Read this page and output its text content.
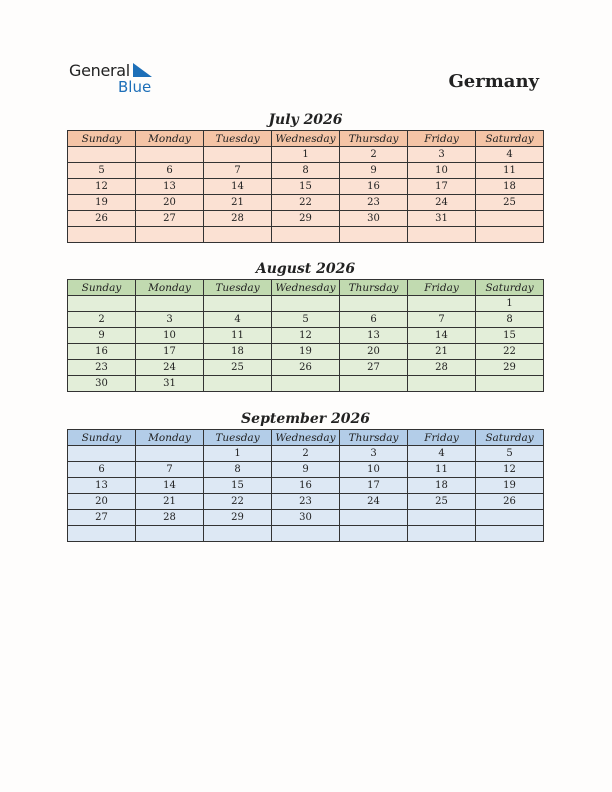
General
Blue	Germany
July 2026
Sunday	Monday	Tuesday	Wednesday	Thursday	Friday	Saturday
			1	2	3	4
5	6	7	8	9	10	11
12	13	14	15	16	17	18
19	20	21	22	23	24	25
26	27	28	29	30	31	

August 2026
Sunday	Monday	Tuesday	Wednesday	Thursday	Friday	Saturday
						1
2	3	4	5	6	7	8
9	10	11	12	13	14	15
16	17	18	19	20	21	22
23	24	25	26	27	28	29
30	31					
September 2026
Sunday	Monday	Tuesday	Wednesday	Thursday	Friday	Saturday
		1	2	3	4	5
6	7	8	9	10	11	12
13	14	15	16	17	18	19
20	21	22	23	24	25	26
27	28	29	30			
